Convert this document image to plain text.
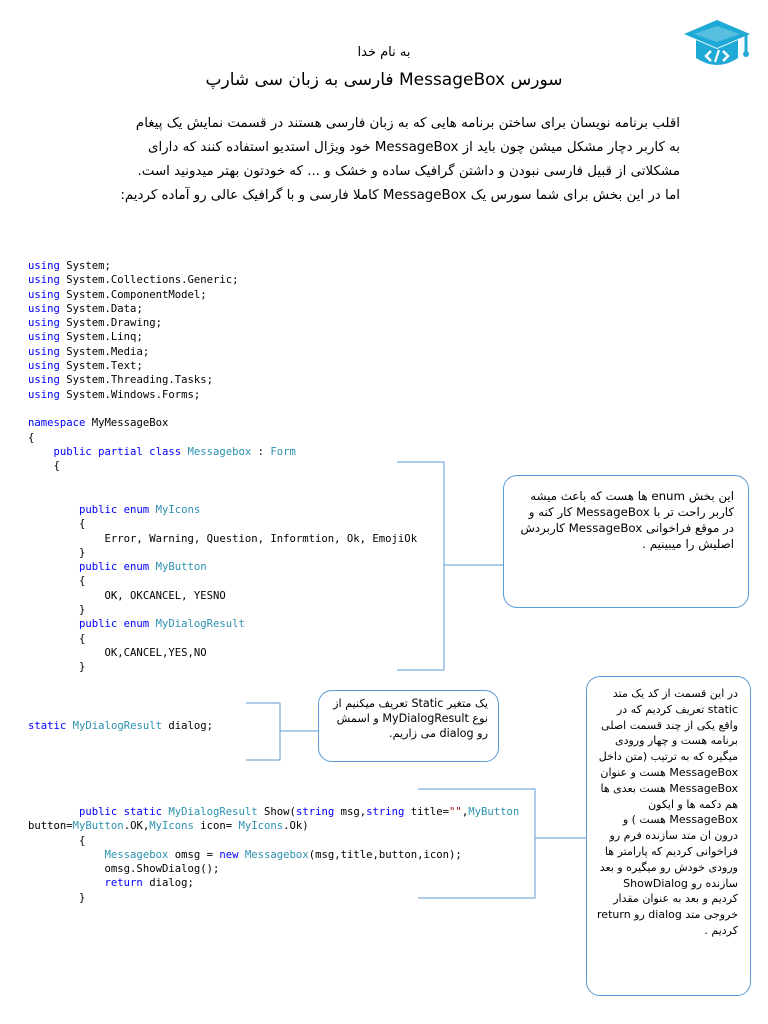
به نام خدا
سورس MessageBox فارسی به زبان سی شارپ
اقلب برنامه نویسان برای ساختن برنامه هایی که به زبان فارسی هستند در قسمت نمایش یک پیغام
به کاربر دچار مشکل میشن چون باید از MessageBox خود ویژال استدیو استفاده کنند که دارای
مشکلاتی از قبیل فارسی نبودن و داشتن گرافیک ساده و خشک و ... که خودتون بهتر میدونید است.
اما در این بخش برای شما سورس یک MessageBox کاملا فارسی و با گرافیک عالی رو آماده کردیم:
using System;
using System.Collections.Generic;
using System.ComponentModel;
using System.Data;
using System.Drawing;
using System.Linq;
using System.Media;
using System.Text;
using System.Threading.Tasks;
using System.Windows.Forms;

namespace MyMessageBox
{
public partial class Messagebox : Form
{
public enum MyIcons
{
Error, Warning, Question, Informtion, Ok, EmojiOk
}
public enum MyButton
{
OK, OKCANCEL, YESNO
}
public enum MyDialogResult
{
OK,CANCEL,YES,NO
}
static MyDialogResult dialog;
public static MyDialogResult Show(string msg,string title="",MyButton
button=MyButton.OK,MyIcons icon= MyIcons.Ok)
{
Messagebox omsg = new Messagebox(msg,title,button,icon);
omsg.ShowDialog();
return dialog;
}
این بخش enum ها هست که باعث میشه کاربر راحت تر با MessageBox کار کنه و در موقع فراخوانی MessageBox کاربردش اصلیش را میبینیم .
یک متغیر Static تعریف میکنیم از نوع MyDialogResult و اسمش رو dialog می زاریم.
در این قسمت از کد یک متد static تعریف کردیم که در واقع یکی از چند قسمت اصلی برنامه هست و چهار ورودی میگیره که به ترتیب (متن داخل MessageBox هست و عنوان MessageBox هست بعدی ها هم دکمه ها و ایکون MessageBox هست ) و درون ان متد سازنده فرم رو فراخوانی کردیم که پارامتر ها ورودی خودش رو میگیره و بعد سازنده رو ShowDialog کردیم و بعد به عنوان مقدار خروجی متد dialog رو return کردیم .
